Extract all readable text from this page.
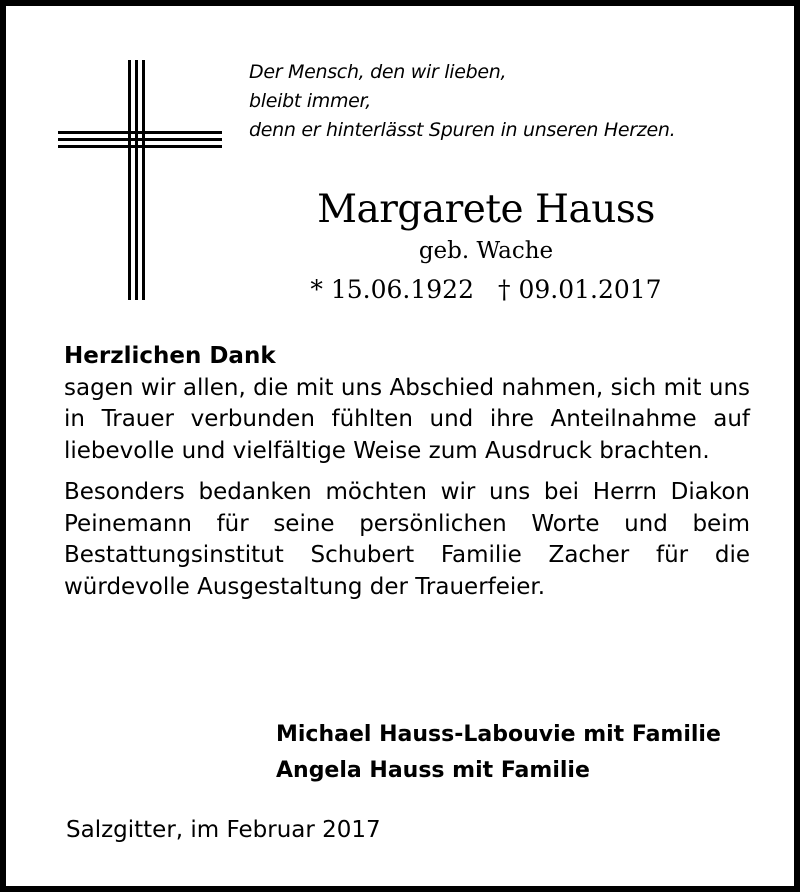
Der Mensch, den wir lieben,
bleibt immer,
denn er hinterlässt Spuren in unseren Herzen.
Margarete Hauss
geb. Wache
* 15.06.1922 † 09.01.2017
Herzlichen Dank
sagen wir allen, die mit uns Abschied nahmen, sich mit uns in Trauer verbunden fühlten und ihre Anteilnahme auf liebevolle und vielfältige Weise zum Ausdruck brachten.
Besonders bedanken möchten wir uns bei Herrn Diakon Peinemann für seine persönlichen Worte und beim Bestattungsinstitut Schubert Familie Zacher für die würdevolle Ausgestaltung der Trauerfeier.
Michael Hauss-Labouvie mit Familie
Angela Hauss mit Familie
Salzgitter, im Februar 2017
